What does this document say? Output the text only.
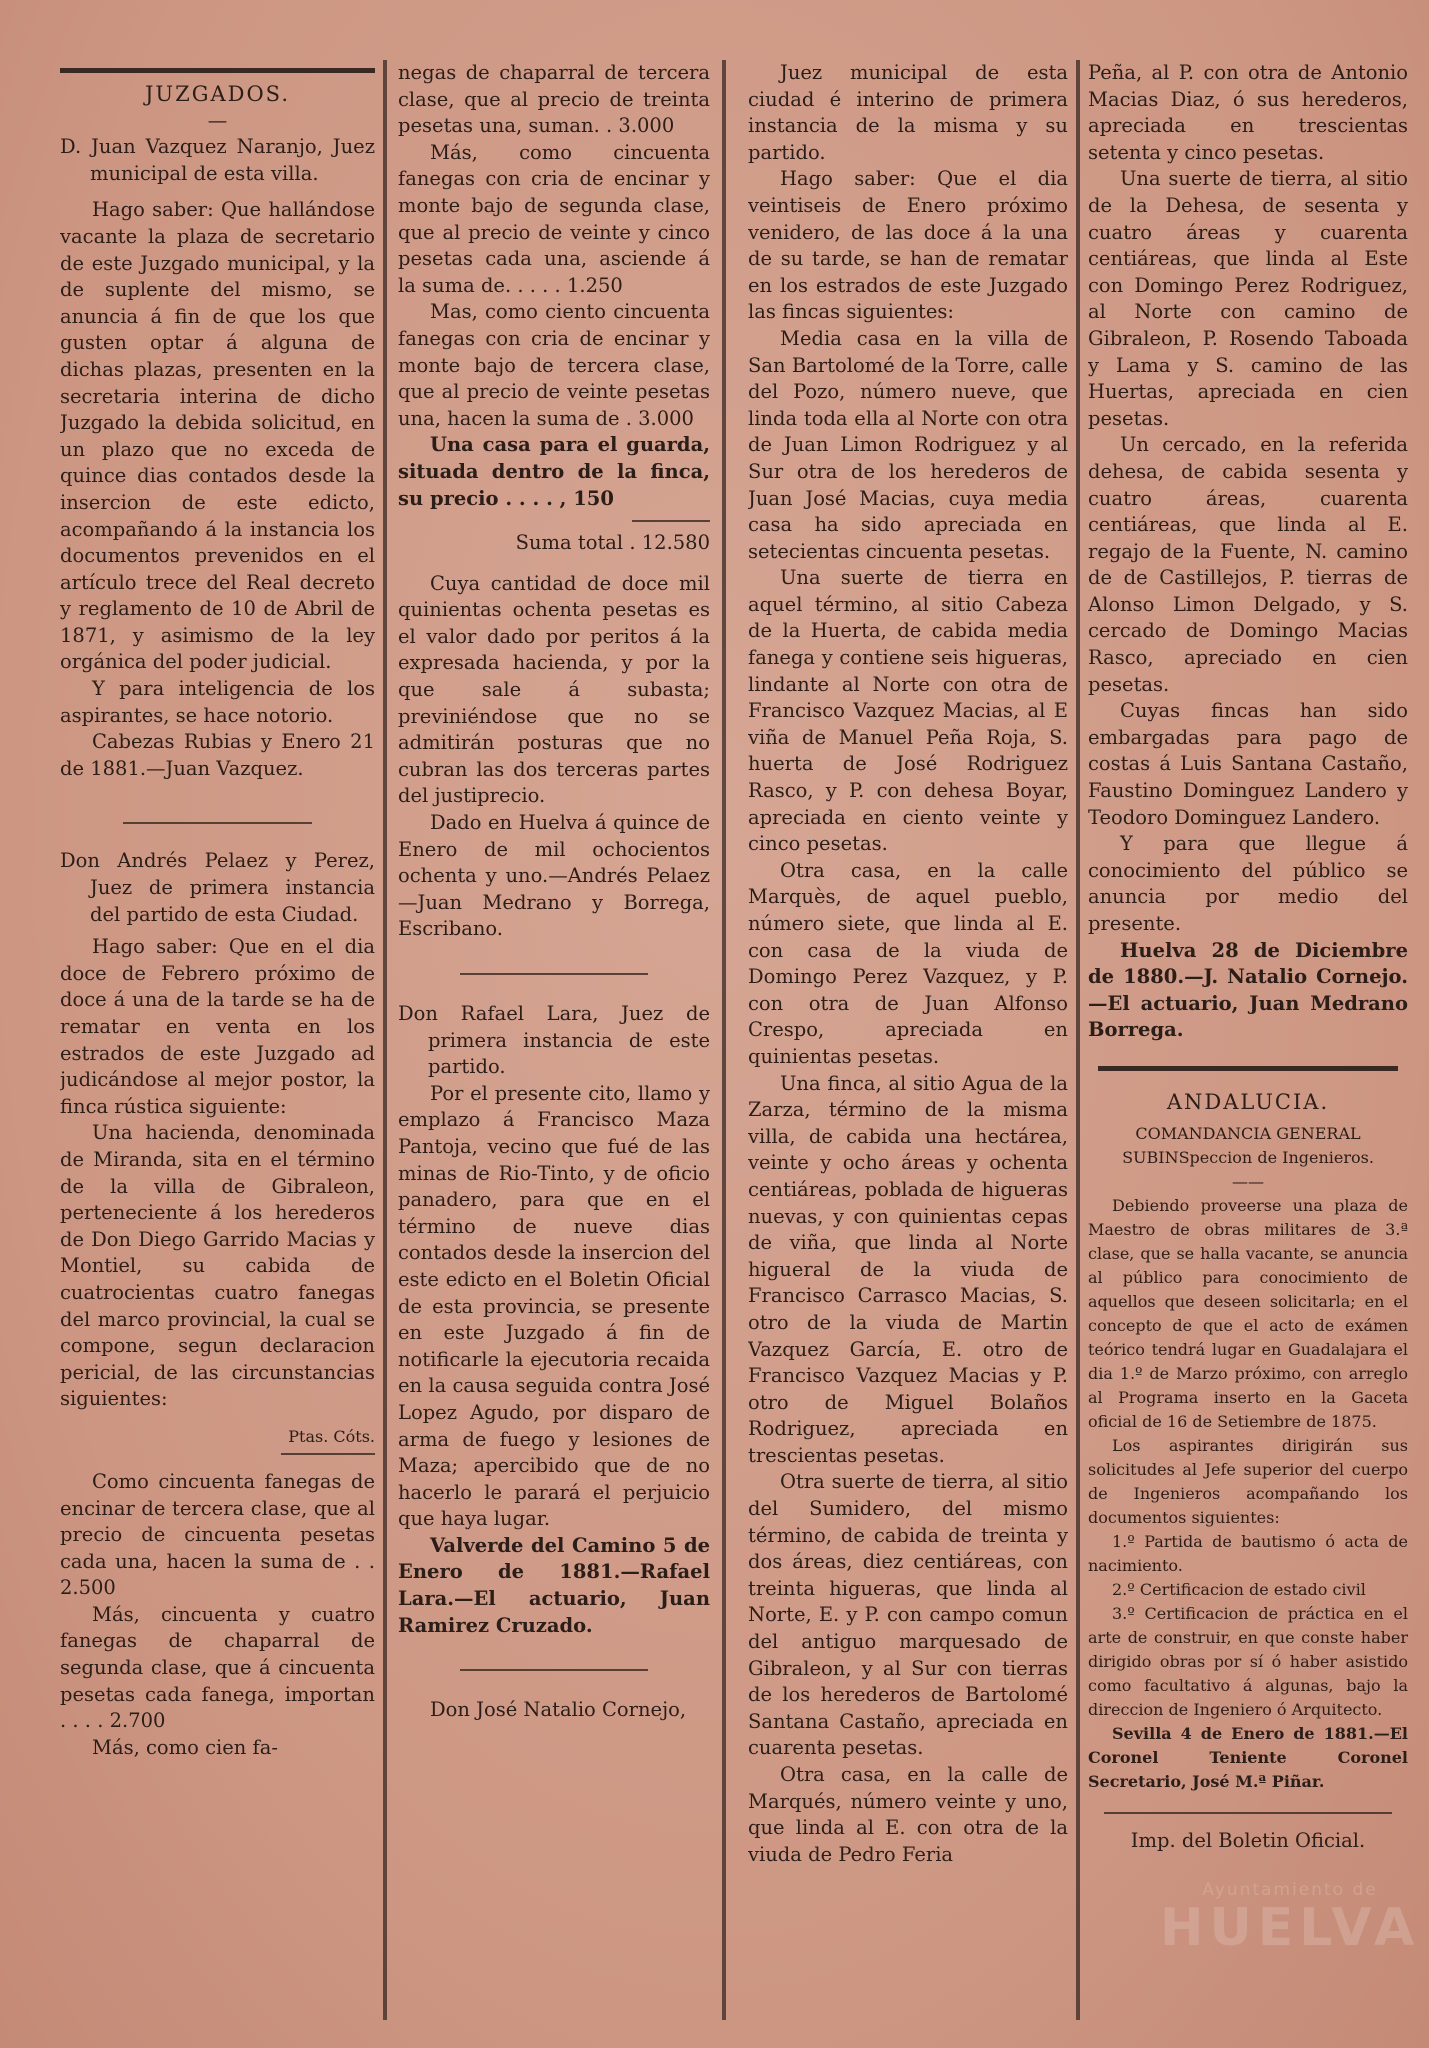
JUZGADOS.

—

D. Juan Vazquez Naranjo, Juez municipal de esta villa.

Hago saber: Que hallándose vacante la plaza de secretario de este Juzgado municipal, y la de suplente del mismo, se anuncia á fin de que los que gusten optar á alguna de dichas plazas, presenten en la secretaria interina de dicho Juzgado la debida solicitud, en un plazo que no exceda de quince dias contados desde la insercion de este edicto, acompañando á la instancia los documentos prevenidos en el artículo trece del Real decreto y reglamento de 10 de Abril de 1871, y asimismo de la ley orgánica del poder judicial.

Y para inteligencia de los aspirantes, se hace notorio.

Cabezas Rubias y Enero 21 de 1881.—Juan Vazquez.

Don Andrés Pelaez y Perez, Juez de primera instancia del partido de esta Ciudad.

Hago saber: Que en el dia doce de Febrero próximo de doce á una de la tarde se ha de rematar en venta en los estrados de este Juzgado ad judicándose al mejor postor, la finca rústica siguiente:

Una hacienda, denominada de Miranda, sita en el término de la villa de Gibraleon, perteneciente á los herederos de Don Diego Garrido Macias y Montiel, su cabida de cuatrocientas cuatro fanegas del marco provincial, la cual se compone, segun declaracion pericial, de las circunstancias siguientes:

Ptas. Cóts.

Como cincuenta fanegas de encinar de tercera clase, que al precio de cincuenta pesetas cada una, hacen la suma de . . 2.500

Más, cincuenta y cuatro fanegas de chaparral de segunda clase, que á cincuenta pesetas cada fanega, importan . . . . 2.700

Más, como cien fa-

negas de chaparral de tercera clase, que al precio de treinta pesetas una, suman. . 3.000

Más, como cincuenta fanegas con cria de encinar y monte bajo de segunda clase, que al precio de veinte y cinco pesetas cada una, asciende á la suma de. . . . . 1.250

Mas, como ciento cincuenta fanegas con cria de encinar y monte bajo de tercera clase, que al precio de veinte pesetas una, hacen la suma de . 3.000

Una casa para el guarda, situada dentro de la finca, su precio . . . . , 150

Suma total . 12.580

Cuya cantidad de doce mil quinientas ochenta pesetas es el valor dado por peritos á la expresada hacienda, y por la que sale á subasta; previniéndose que no se admitirán posturas que no cubran las dos terceras partes del justiprecio.

Dado en Huelva á quince de Enero de mil ochocientos ochenta y uno.—Andrés Pelaez —Juan Medrano y Borrega, Escribano.

Don Rafael Lara, Juez de primera instancia de este partido.

Por el presente cito, llamo y emplazo á Francisco Maza Pantoja, vecino que fué de las minas de Rio-Tinto, y de oficio panadero, para que en el término de nueve dias contados desde la insercion del este edicto en el Boletin Oficial de esta provincia, se presente en este Juzgado á fin de notificarle la ejecutoria recaida en la causa seguida contra José Lopez Agudo, por disparo de arma de fuego y lesiones de Maza; apercibido que de no hacerlo le parará el perjuicio que haya lugar.

Valverde del Camino 5 de Enero de 1881.—Rafael Lara.—El actuario, Juan Ramirez Cruzado.

Don José Natalio Cornejo,

Juez municipal de esta ciudad é interino de primera instancia de la misma y su partido.

Hago saber: Que el dia veintiseis de Enero próximo venidero, de las doce á la una de su tarde, se han de rematar en los estrados de este Juzgado las fincas siguientes:

Media casa en la villa de San Bartolomé de la Torre, calle del Pozo, número nueve, que linda toda ella al Norte con otra de Juan Limon Rodriguez y al Sur otra de los herederos de Juan José Macias, cuya media casa ha sido apreciada en setecientas cincuenta pesetas.

Una suerte de tierra en aquel término, al sitio Cabeza de la Huerta, de cabida media fanega y contiene seis higueras, lindante al Norte con otra de Francisco Vazquez Macias, al E viña de Manuel Peña Roja, S. huerta de José Rodriguez Rasco, y P. con dehesa Boyar, apreciada en ciento veinte y cinco pesetas.

Otra casa, en la calle Marquès, de aquel pueblo, número siete, que linda al E. con casa de la viuda de Domingo Perez Vazquez, y P. con otra de Juan Alfonso Crespo, apreciada en quinientas pesetas.

Una finca, al sitio Agua de la Zarza, término de la misma villa, de cabida una hectárea, veinte y ocho áreas y ochenta centiáreas, poblada de higueras nuevas, y con quinientas cepas de viña, que linda al Norte higueral de la viuda de Francisco Carrasco Macias, S. otro de la viuda de Martin Vazquez García, E. otro de Francisco Vazquez Macias y P. otro de Miguel Bolaños Rodriguez, apreciada en trescientas pesetas.

Otra suerte de tierra, al sitio del Sumidero, del mismo término, de cabida de treinta y dos áreas, diez centiáreas, con treinta higueras, que linda al Norte, E. y P. con campo comun del antiguo marquesado de Gibraleon, y al Sur con tierras de los herederos de Bartolomé Santana Castaño, apreciada en cuarenta pesetas.

Otra casa, en la calle de Marqués, número veinte y uno, que linda al E. con otra de la viuda de Pedro Feria

Peña, al P. con otra de Antonio Macias Diaz, ó sus herederos, apreciada en trescientas setenta y cinco pesetas.

Una suerte de tierra, al sitio de la Dehesa, de sesenta y cuatro áreas y cuarenta centiáreas, que linda al Este con Domingo Perez Rodriguez, al Norte con camino de Gibraleon, P. Rosendo Taboada y Lama y S. camino de las Huertas, apreciada en cien pesetas.

Un cercado, en la referida dehesa, de cabida sesenta y cuatro áreas, cuarenta centiáreas, que linda al E. regajo de la Fuente, N. camino de de Castillejos, P. tierras de Alonso Limon Delgado, y S. cercado de Domingo Macias Rasco, apreciado en cien pesetas.

Cuyas fincas han sido embargadas para pago de costas á Luis Santana Castaño, Faustino Dominguez Landero y Teodoro Dominguez Landero.

Y para que llegue á conocimiento del público se anuncia por medio del presente.

Huelva 28 de Diciembre de 1880.—J. Natalio Cornejo.—El actuario, Juan Medrano Borrega.

ANDALUCIA.

COMANDANCIA GENERAL SUBINSpeccion de Ingenieros.

——

Debiendo proveerse una plaza de Maestro de obras militares de 3.ª clase, que se halla vacante, se anuncia al público para conocimiento de aquellos que deseen solicitarla; en el concepto de que el acto de exámen teórico tendrá lugar en Guadalajara el dia 1.º de Marzo próximo, con arreglo al Programa inserto en la Gaceta oficial de 16 de Setiembre de 1875.

Los aspirantes dirigirán sus solicitudes al Jefe superior del cuerpo de Ingenieros acompañando los documentos siguientes:

1.º Partida de bautismo ó acta de nacimiento.

2.º Certificacion de estado civil

3.º Certificacion de práctica en el arte de construir, en que conste haber dirigido obras por sí ó haber asistido como facultativo á algunas, bajo la direccion de Ingeniero ó Arquitecto.

Sevilla 4 de Enero de 1881.—El Coronel Teniente Coronel Secretario, José M.ª Piñar.

Imp. del Boletin Oficial.

Ayuntamiento de
HUELVA
